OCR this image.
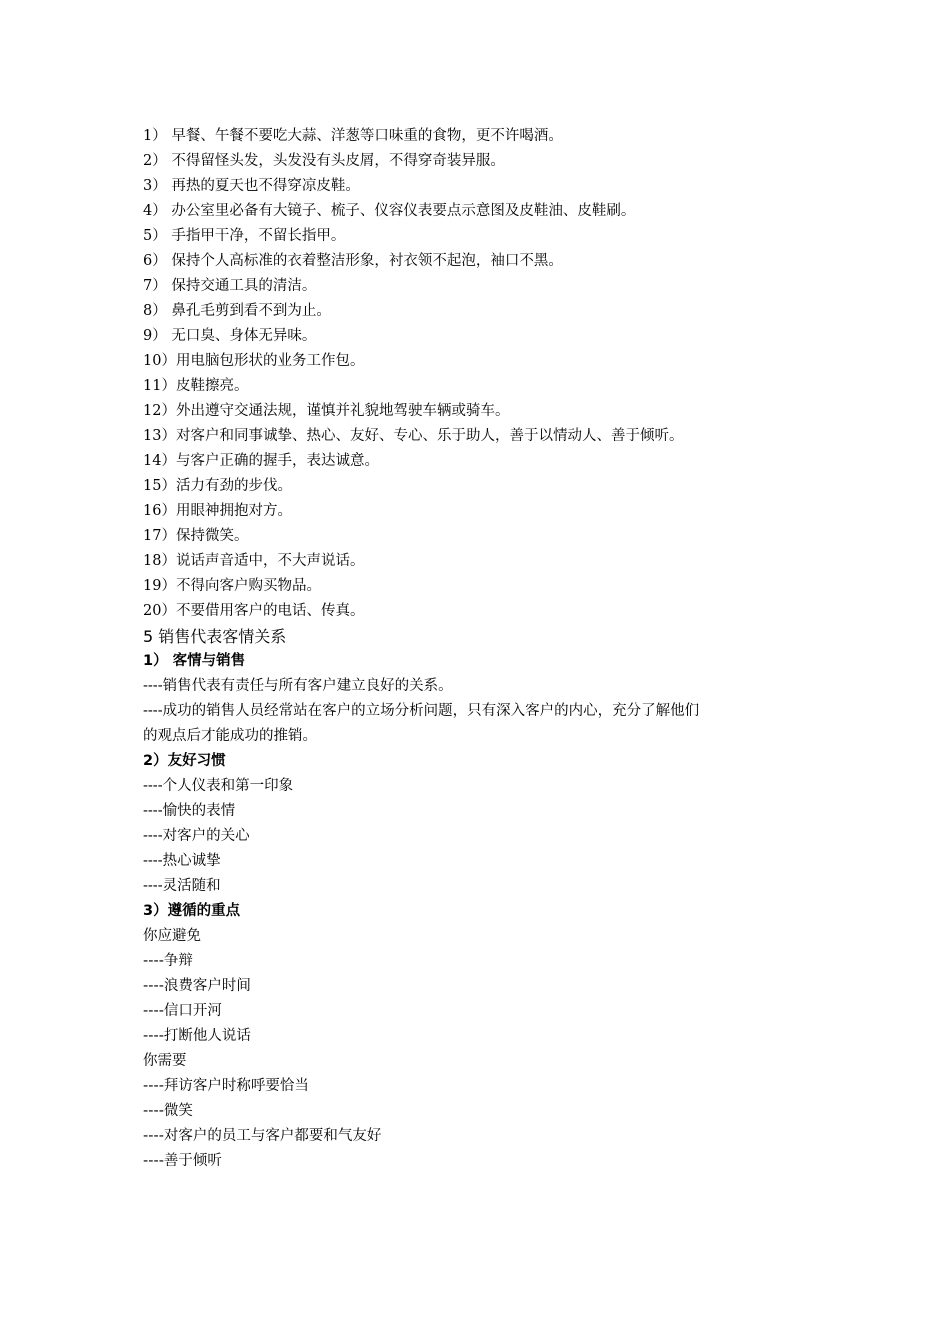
1） 早餐、午餐不要吃大蒜、洋葱等口味重的食物，更不许喝酒。
2） 不得留怪头发，头发没有头皮屑，不得穿奇装异服。
3） 再热的夏天也不得穿凉皮鞋。
4） 办公室里必备有大镜子、梳子、仪容仪表要点示意图及皮鞋油、皮鞋刷。
5） 手指甲干净，不留长指甲。
6） 保持个人高标准的衣着整洁形象，衬衣领不起泡，袖口不黑。
7） 保持交通工具的清洁。
8） 鼻孔毛剪到看不到为止。
9） 无口臭、身体无异味。
10）用电脑包形状的业务工作包。
11）皮鞋擦亮。
12）外出遵守交通法规，谨慎并礼貌地驾驶车辆或骑车。
13）对客户和同事诚挚、热心、友好、专心、乐于助人，善于以情动人、善于倾听。
14）与客户正确的握手，表达诚意。
15）活力有劲的步伐。
16）用眼神拥抱对方。
17）保持微笑。
18）说话声音适中，不大声说话。
19）不得向客户购买物品。
20）不要借用客户的电话、传真。
5 销售代表客情关系
1） 客情与销售
----销售代表有责任与所有客户建立良好的关系。
----成功的销售人员经常站在客户的立场分析问题，只有深入客户的内心，充分了解他们
的观点后才能成功的推销。
2）友好习惯
----个人仪表和第一印象
----愉快的表情
----对客户的关心
----热心诚挚
----灵活随和
3）遵循的重点
你应避免
----争辩
----浪费客户时间
----信口开河
----打断他人说话
你需要
----拜访客户时称呼要恰当
----微笑
----对客户的员工与客户都要和气友好
----善于倾听
